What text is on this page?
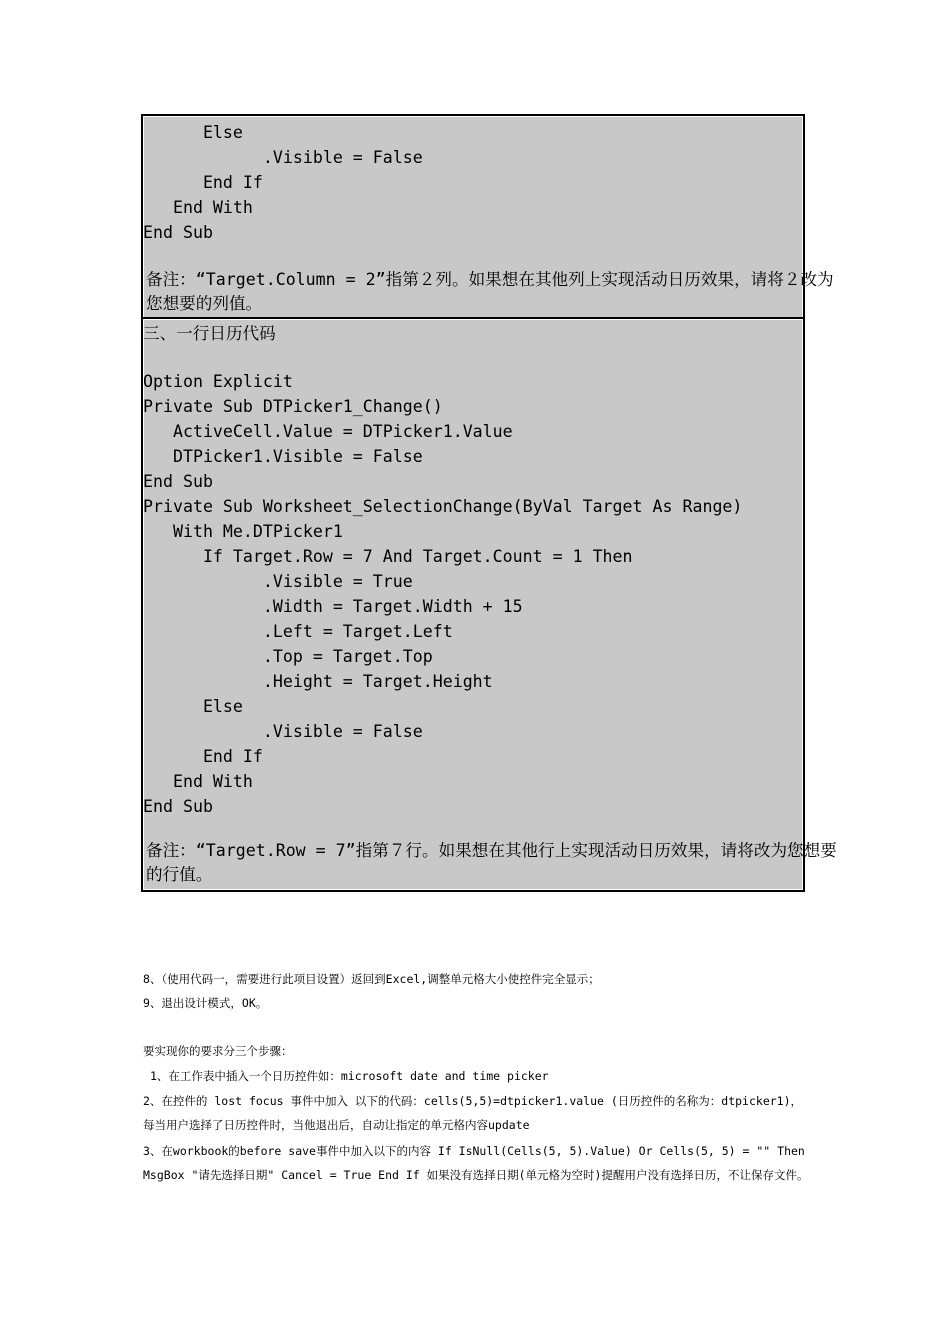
Else
.Visible = False
End If
End With
End Sub
备注：“Target.Column = 2”指第２列。如果想在其他列上实现活动日历效果，请将２改为您想要的列值。
三、一行日历代码
Option Explicit
Private Sub DTPicker1_Change()
ActiveCell.Value = DTPicker1.Value
DTPicker1.Visible = False
End Sub
Private Sub Worksheet_SelectionChange(ByVal Target As Range)
With Me.DTPicker1
If Target.Row = 7 And Target.Count = 1 Then
.Visible = True
.Width = Target.Width + 15
.Left = Target.Left
.Top = Target.Top
.Height = Target.Height
Else
.Visible = False
End If
End With
End Sub
备注：“Target.Row = 7”指第７行。如果想在其他行上实现活动日历效果，请将改为您想要的行值。
8、（使用代码一，需要进行此项目设置）返回到Excel,调整单元格大小使控件完全显示；
9、退出设计模式，OK。
要实现你的要求分三个步骤：
1、在工作表中插入一个日历控件如：microsoft date and time picker
2、在控件的 lost focus 事件中加入 以下的代码：cells(5,5)=dtpicker1.value (日历控件的名称为：dtpicker1)，每当用户选择了日历控件时，当他退出后，自动让指定的单元格内容update
3、在workbook的before save事件中加入以下的内容 If IsNull(Cells(5, 5).Value) Or Cells(5, 5) = "" Then MsgBox "请先选择日期" Cancel = True End If 如果没有选择日期(单元格为空时)提醒用户没有选择日历，不让保存文件。
